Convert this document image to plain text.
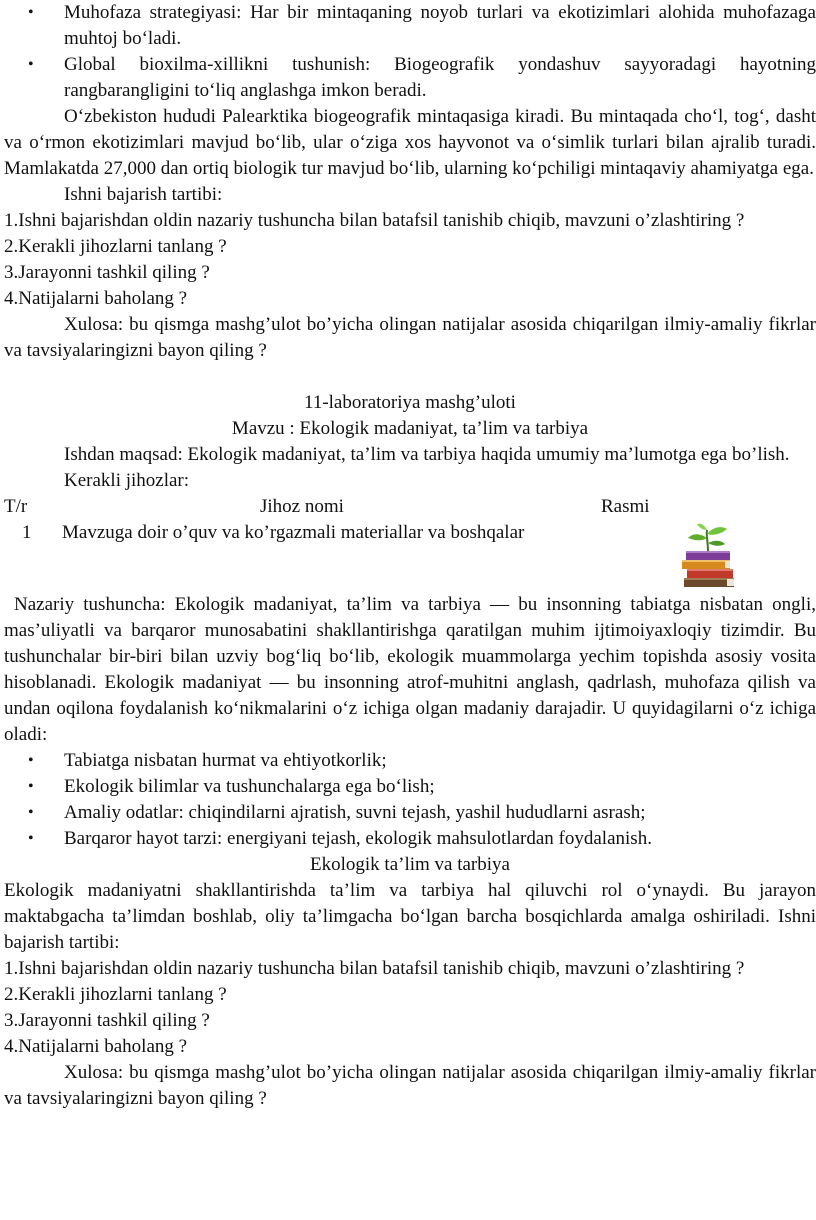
• Muhofaza strategiyasi: Har bir mintaqaning noyob turlari va ekotizimlari alohida muhofazaga muhtoj bo‘ladi.
• Global bioxilma-xillikni tushunish: Biogeografik yondashuv sayyoradagi hayotning rangbarangligini to‘liq anglashga imkon beradi.

O‘zbekiston hududi Palearktika biogeografik mintaqasiga kiradi. Bu mintaqada cho‘l, tog‘, dasht va o‘rmon ekotizimlari mavjud bo‘lib, ular o‘ziga xos hayvonot va o‘simlik turlari bilan ajralib turadi. Mamlakatda 27,000 dan ortiq biologik tur mavjud bo‘lib, ularning ko‘pchiligi mintaqaviy ahamiyatga ega.

Ishni bajarish tartibi:

1.Ishni bajarishdan oldin nazariy tushuncha bilan batafsil tanishib chiqib, mavzuni o’zlashtiring ?

2.Kerakli jihozlarni tanlang ?

3.Jarayonni tashkil qiling ?

4.Natijalarni baholang ?

Xulosa: bu qismga mashg’ulot bo’yicha olingan natijalar asosida chiqarilgan ilmiy-amaliy fikrlar va tavsiyalaringizni bayon qiling ?

11-laboratoriya mashg’uloti

Mavzu : Ekologik madaniyat, ta’lim va tarbiya

Ishdan maqsad: Ekologik madaniyat, ta’lim va tarbiya haqida umumiy ma’lumotga ega bo’lish.

Kerakli jihozlar:

T/r	Jihoz nomi	Rasmi
1 Mavzuga doir o’quv va ko’rgazmali materiallar va boshqalar

Nazariy tushuncha: Ekologik madaniyat, ta’lim va tarbiya — bu insonning tabiatga nisbatan ongli, mas’uliyatli va barqaror munosabatini shakllantirishga qaratilgan muhim ijtimoiyaxloqiy tizimdir. Bu tushunchalar bir-biri bilan uzviy bog‘liq bo‘lib, ekologik muammolarga yechim topishda asosiy vosita hisoblanadi. Ekologik madaniyat — bu insonning atrof-muhitni anglash, qadrlash, muhofaza qilish va undan oqilona foydalanish ko‘nikmalarini o‘z ichiga olgan madaniy darajadir. U quyidagilarni o‘z ichiga oladi:

• Tabiatga nisbatan hurmat va ehtiyotkorlik;
• Ekologik bilimlar va tushunchalarga ega bo‘lish;
• Amaliy odatlar: chiqindilarni ajratish, suvni tejash, yashil hududlarni asrash;
• Barqaror hayot tarzi: energiyani tejash, ekologik mahsulotlardan foydalanish.

Ekologik ta’lim va tarbiya

Ekologik madaniyatni shakllantirishda ta’lim va tarbiya hal qiluvchi rol o‘ynaydi. Bu jarayon maktabgacha ta’limdan boshlab, oliy ta’limgacha bo‘lgan barcha bosqichlarda amalga oshiriladi. Ishni bajarish tartibi:

1.Ishni bajarishdan oldin nazariy tushuncha bilan batafsil tanishib chiqib, mavzuni o’zlashtiring ?

2.Kerakli jihozlarni tanlang ?

3.Jarayonni tashkil qiling ?

4.Natijalarni baholang ?

Xulosa: bu qismga mashg’ulot bo’yicha olingan natijalar asosida chiqarilgan ilmiy-amaliy fikrlar va tavsiyalaringizni bayon qiling ?
